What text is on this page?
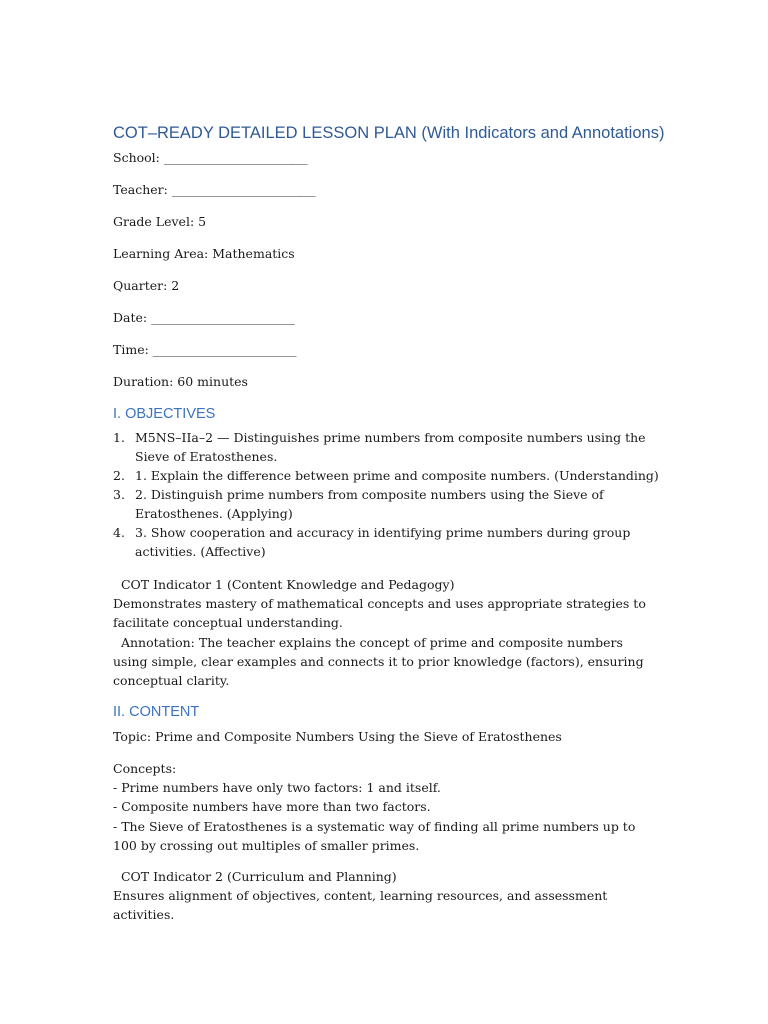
COT–READY DETAILED LESSON PLAN (With Indicators and Annotations)
School: _______________________
Teacher: _______________________
Grade Level: 5
Learning Area: Mathematics
Quarter: 2
Date: _______________________
Time: _______________________
Duration: 60 minutes
I. OBJECTIVES
1. M5NS–IIa–2 — Distinguishes prime numbers from composite numbers using the Sieve of Eratosthenes.
2. 1. Explain the difference between prime and composite numbers. (Understanding)
3. 2. Distinguish prime numbers from composite numbers using the Sieve of Eratosthenes. (Applying)
4. 3. Show cooperation and accuracy in identifying prime numbers during group activities. (Affective)
COT Indicator 1 (Content Knowledge and Pedagogy)
Demonstrates mastery of mathematical concepts and uses appropriate strategies to facilitate conceptual understanding.
Annotation: The teacher explains the concept of prime and composite numbers using simple, clear examples and connects it to prior knowledge (factors), ensuring conceptual clarity.
II. CONTENT
Topic: Prime and Composite Numbers Using the Sieve of Eratosthenes
Concepts:
- Prime numbers have only two factors: 1 and itself.
- Composite numbers have more than two factors.
- The Sieve of Eratosthenes is a systematic way of finding all prime numbers up to 100 by crossing out multiples of smaller primes.
COT Indicator 2 (Curriculum and Planning)
Ensures alignment of objectives, content, learning resources, and assessment activities.
